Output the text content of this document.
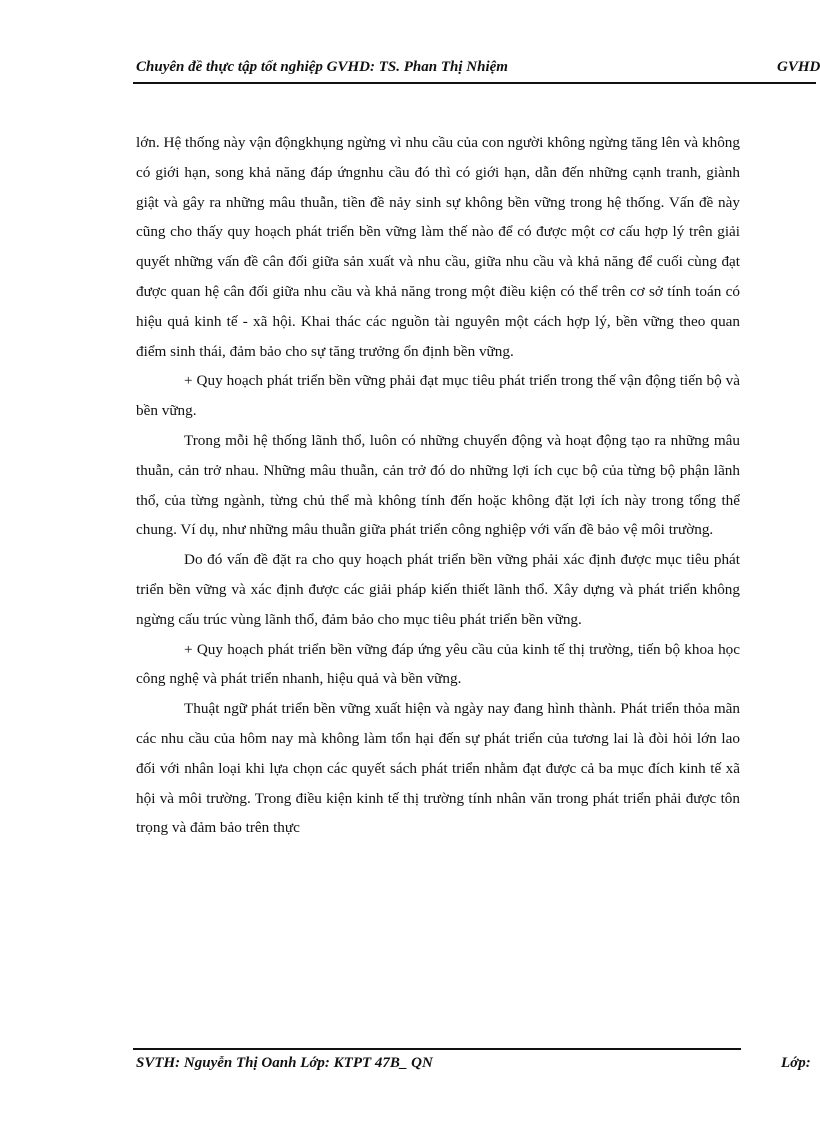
Chuyên đề thực tập tốt nghiệp GVHD: TS. Phan Thị Nhiệm	GVHD

lớn. Hệ thống này vận độngkhụng ngừng vì nhu cầu của con người không ngừng tăng lên và không có giới hạn, song khả năng đáp ứngnhu cầu đó thì có giới hạn, dẫn đến những cạnh tranh, giành giật và gây ra những mâu thuẫn, tiền đề nảy sinh sự không bền vững trong hệ thống. Vấn đề này cũng cho thấy quy hoạch phát triển bền vững làm thế nào để có được một cơ cấu hợp lý trên giải quyết những vấn đề cân đối giữa sản xuất và nhu cầu, giữa nhu cầu và khả năng để cuối cùng đạt được quan hệ cân đối giữa nhu cầu và khả năng trong một điều kiện có thể trên cơ sở tính toán có hiệu quả kinh tế - xã hội. Khai thác các nguồn tài nguyên một cách hợp lý, bền vững theo quan điểm sinh thái, đảm bảo cho sự tăng trưởng ổn định bền vững.

+ Quy hoạch phát triển bền vững phải đạt mục tiêu phát triển trong thế vận động tiến bộ và bền vững.

Trong mỗi hệ thống lãnh thổ, luôn có những chuyển động và hoạt động tạo ra những mâu thuẫn, cản trở nhau. Những mâu thuẫn, cản trở đó do những lợi ích cục bộ của từng bộ phận lãnh thổ, của từng ngành, từng chủ thể mà không tính đến hoặc không đặt lợi ích này trong tổng thể chung. Ví dụ, như những mâu thuẫn giữa phát triển công nghiệp với vấn đề bảo vệ môi trường.

Do đó vấn đề đặt ra cho quy hoạch phát triển bền vững phải xác định được mục tiêu phát triển bền vững và xác định được các giải pháp kiến thiết lãnh thổ. Xây dựng và phát triển không ngừng cấu trúc vùng lãnh thổ, đảm bảo cho mục tiêu phát triển bền vững.

+ Quy hoạch phát triển bền vững đáp ứng yêu cầu của kinh tế thị trường, tiến bộ khoa học công nghệ và phát triển nhanh, hiệu quả và bền vững.

Thuật ngữ phát triển bền vững xuất hiện và ngày nay đang hình thành. Phát triển thỏa mãn các nhu cầu của hôm nay mà không làm tổn hại đến sự phát triển của tương lai là đòi hỏi lớn lao đối với nhân loại khi lựa chọn các quyết sách phát triển nhằm đạt được cả ba mục đích kinh tế xã hội và môi trường. Trong điều kiện kinh tế thị trường tính nhân văn trong phát triển phải được tôn trọng và đảm bảo trên thực

SVTH: Nguyễn Thị Oanh Lớp: KTPT 47B_ QN	Lớp:
